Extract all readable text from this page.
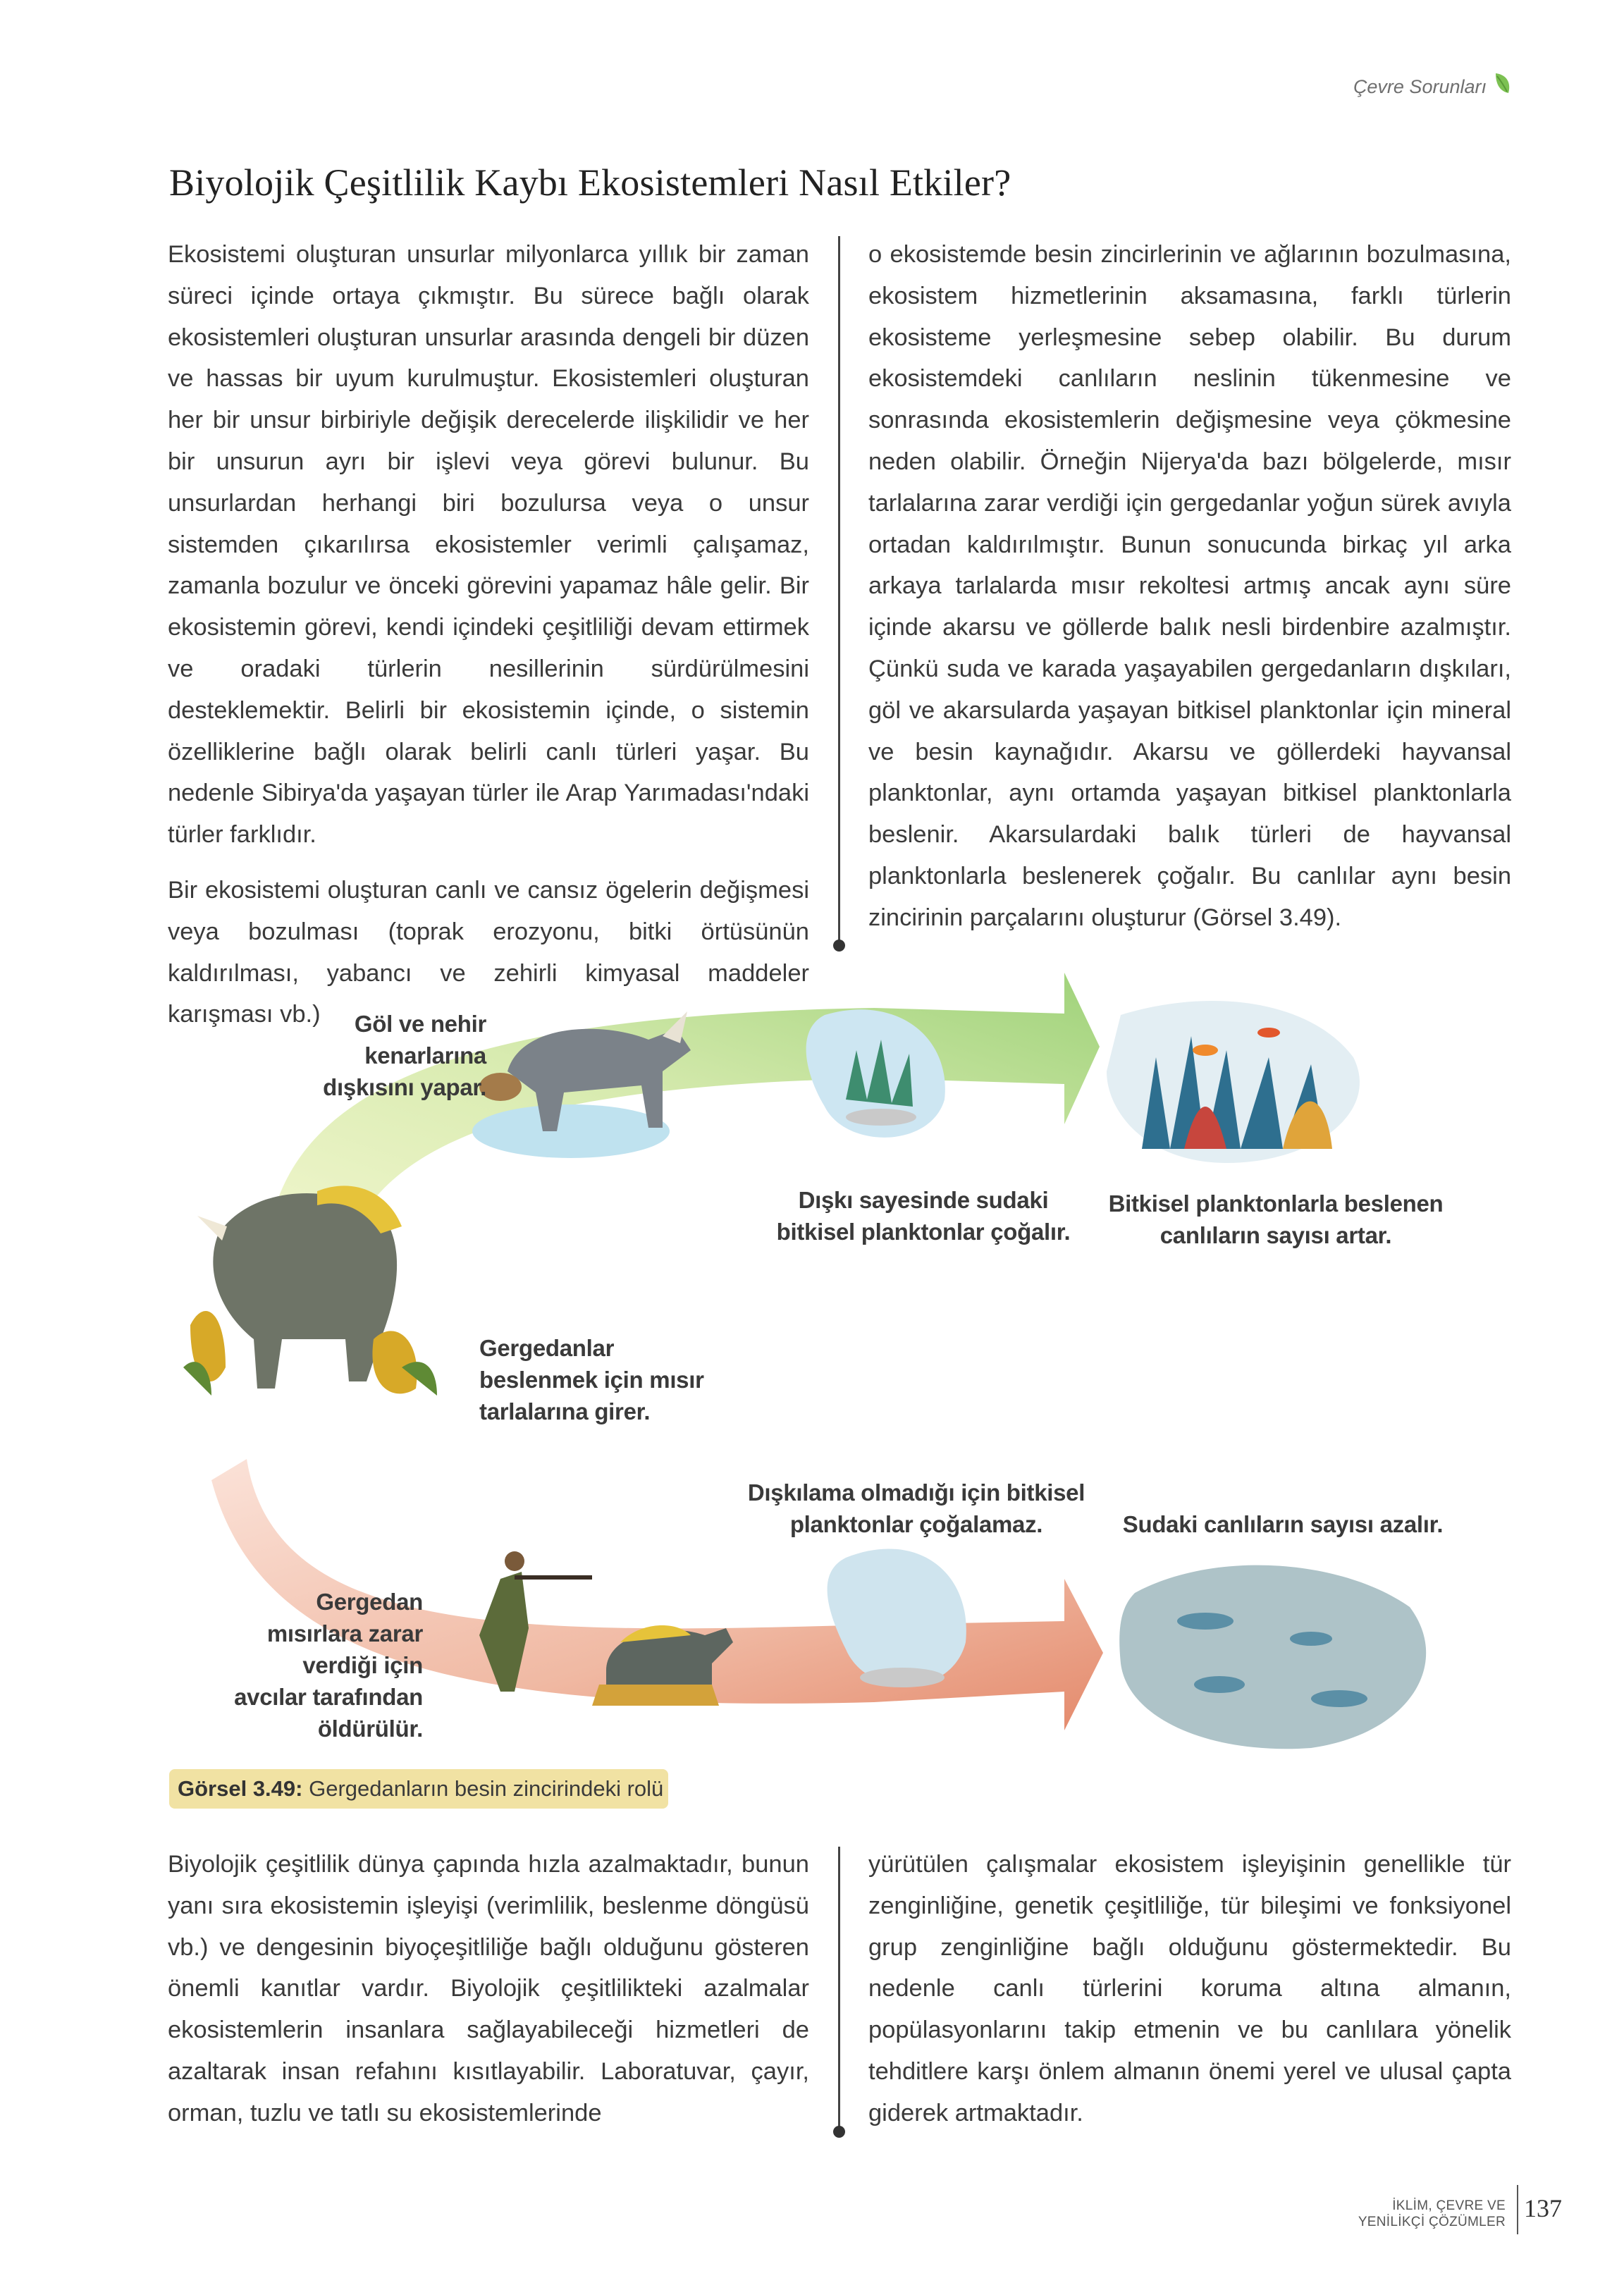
Çevre Sorunları
Biyolojik Çeşitlilik Kaybı Ekosistemleri Nasıl Etkiler?

Ekosistemi oluşturan unsurlar milyonlarca yıllık bir zaman süreci içinde ortaya çıkmıştır. Bu sürece bağlı olarak ekosistemleri oluşturan unsurlar arasında dengeli bir düzen ve hassas bir uyum kurulmuştur. Ekosistemleri oluşturan her bir unsur birbiriyle değişik derecelerde ilişkilidir ve her bir unsurun ayrı bir işlevi veya görevi bulunur. Bu unsurlardan herhangi biri bozulursa veya o unsur sistemden çıkarılırsa ekosistemler verimli çalışamaz, zamanla bozulur ve önceki görevini yapamaz hâle gelir. Bir ekosistemin görevi, kendi içindeki çeşitliliği devam ettirmek ve oradaki türlerin nesillerinin sürdürülmesini desteklemektir. Belirli bir ekosistemin içinde, o sistemin özelliklerine bağlı olarak belirli canlı türleri yaşar. Bu nedenle Sibirya'da yaşayan türler ile Arap Yarımadası'ndaki türler farklıdır.

Bir ekosistemi oluşturan canlı ve cansız ögelerin değişmesi veya bozulması (toprak erozyonu, bitki örtüsünün kaldırılması, yabancı ve zehirli kimyasal maddeler karışması vb.)

o ekosistemde besin zincirlerinin ve ağlarının bozulmasına, ekosistem hizmetlerinin aksamasına, farklı türlerin ekosisteme yerleşmesine sebep olabilir. Bu durum ekosistemdeki canlıların neslinin tükenmesine ve sonrasında ekosistemlerin değişmesine veya çökmesine neden olabilir. Örneğin Nijerya'da bazı bölgelerde, mısır tarlalarına zarar verdiği için gergedanlar yoğun sürek avıyla ortadan kaldırılmıştır. Bunun sonucunda birkaç yıl arka arkaya tarlalarda mısır rekoltesi artmış ancak aynı süre içinde akarsu ve göllerde balık nesli birdenbire azalmıştır. Çünkü suda ve karada yaşayabilen gergedanların dışkıları, göl ve akarsularda yaşayan bitkisel planktonlar için mineral ve besin kaynağıdır. Akarsu ve göllerdeki hayvansal planktonlar, aynı ortamda yaşayan bitkisel planktonlarla beslenir. Akarsulardaki balık türleri de hayvansal planktonlarla beslenerek çoğalır. Bu canlılar aynı besin zincirinin parçalarını oluşturur (Görsel 3.49).

Göl ve nehir kenarlarına dışkısını yapar.
Dışkı sayesinde sudaki bitkisel planktonlar çoğalır.
Bitkisel planktonlarla beslenen canlıların sayısı artar.
Gergedanlar beslenmek için mısır tarlalarına girer.
Dışkılama olmadığı için bitkisel planktonlar çoğalamaz.	Sudaki canlıların sayısı azalır.
Gergedan mısırlara zarar verdiği için avcılar tarafından öldürülür.
Görsel 3.49: Gergedanların besin zincirindeki rolü

Biyolojik çeşitlilik dünya çapında hızla azalmaktadır, bunun yanı sıra ekosistemin işleyişi (verimlilik, beslenme döngüsü vb.) ve dengesinin biyoçeşitliliğe bağlı olduğunu gösteren önemli kanıtlar vardır. Biyolojik çeşitlilikteki azalmalar ekosistemlerin insanlara sağlayabileceği hizmetleri de azaltarak insan refahını kısıtlayabilir. Laboratuvar, çayır, orman, tuzlu ve tatlı su ekosistemlerinde

yürütülen çalışmalar ekosistem işleyişinin genellikle tür zenginliğine, genetik çeşitliliğe, tür bileşimi ve fonksiyonel grup zenginliğine bağlı olduğunu göstermektedir. Bu nedenle canlı türlerini koruma altına almanın, popülasyonlarını takip etmenin ve bu canlılara yönelik tehditlere karşı önlem almanın önemi yerel ve ulusal çapta giderek artmaktadır.

İKLİM, ÇEVRE VE
YENİLİKÇİ ÇÖZÜMLER 137
